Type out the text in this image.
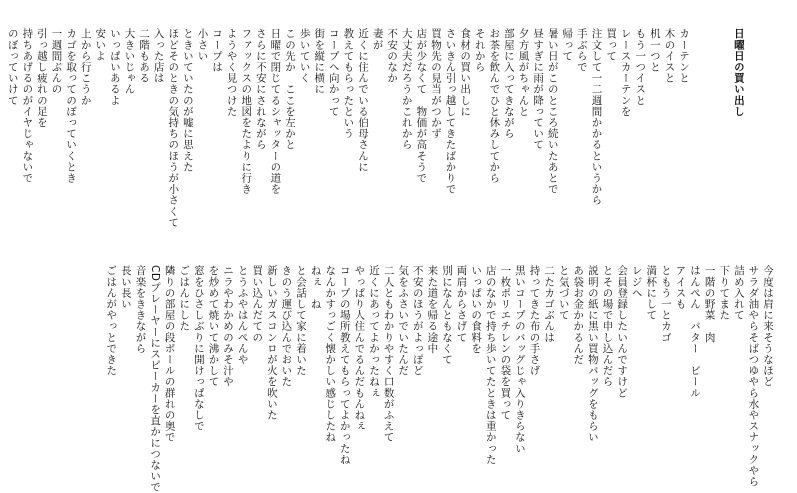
日曜日の買い出し

カーテンと
木のイスと
机一つと
もう一つイスと
レースカーテンを
買って
注文して一二週間かかるというから
手ぶらで
帰って
暑い日がこのところ続いたあとで
昼すぎに雨が降っていて
夕方風がちゃんと
部屋に入ってきながら
お茶を飲んでひと休みしてから
それから
食材の買い出しに
さいきん引っ越してきたばかりで
買物先の見当がつかず
店が少なくて　物価が高そうで
大丈夫だろうかこれから
不安のなか
妻が
近くに住んでいる伯母さんに
教えてもらったという
コープへ向かって
街を縦に横に
歩いていく
この先か　ここを左かと
日曜で閉じてるシャッターの道を
さらに不安にされながら
ファックスの地図をたよりに行き
ようやく見つけた
コープは
小さい
ときいていたのが嘘に思えた
ほどそのときの気持ちのほうが小さくて
入った店は
二階もある
大きいじゃん
いっぱいあるよ
安いよ
上から行こうか
カゴを取ってのぼっていくとき
一週間ぶんの
引っ越し疲れの足を
持ちあげるのがイヤじゃないで
のぼっていけて
今度は肩に来そうなほど
サラダ油やらそばつゆやら水やスナックやら
詰め入れて
下りてまた
一階の野菜　肉
はんぺん　バター　ビール
アイスも
ともう一とカゴ
満杯にして
レジへ
会員登録したいんですけど
とその場で申し込んだら
説明の紙に黒い買物バッグをもらい
あ袋お金かかるんだ
と気づいて
二たカゴぶんは
持ってきた布の手さげ
黒いコープのバッグじゃ入りきらない
一枚ポリエチレンの袋を買って
店のなかで持ち歩いてたときは重かった
いっぱいの食料を
両肩からさげて
別になんともなくて
来た道を帰る途中
不安のほうがよっぽど
気をふさいでいたんだ
二人ともわかりやすく口数がふえて
近くにあってよかったねぇ
やっぱり人住んでるんだもんねぇ
コープの場所教えてもらってよかったね
なんかすっごく懐かしい感じしたね
ねぇ　ね
と会話して家に着いた
きのう運び込んでおいた
新しいガスコンロが火を吹いた
買い込んだての
とうふやはんぺんや
ニラやわかめのみそ汁や
を炒めて焼いて沸かして
窓をひさしぶりに開けっぱなしで
ごはんにした
隣りの部屋の段ボールの群れの奥で
CDプレーヤーにスピーカーを直かにつないで
音楽をききながら
長い長い
ごはんがやっとできた
